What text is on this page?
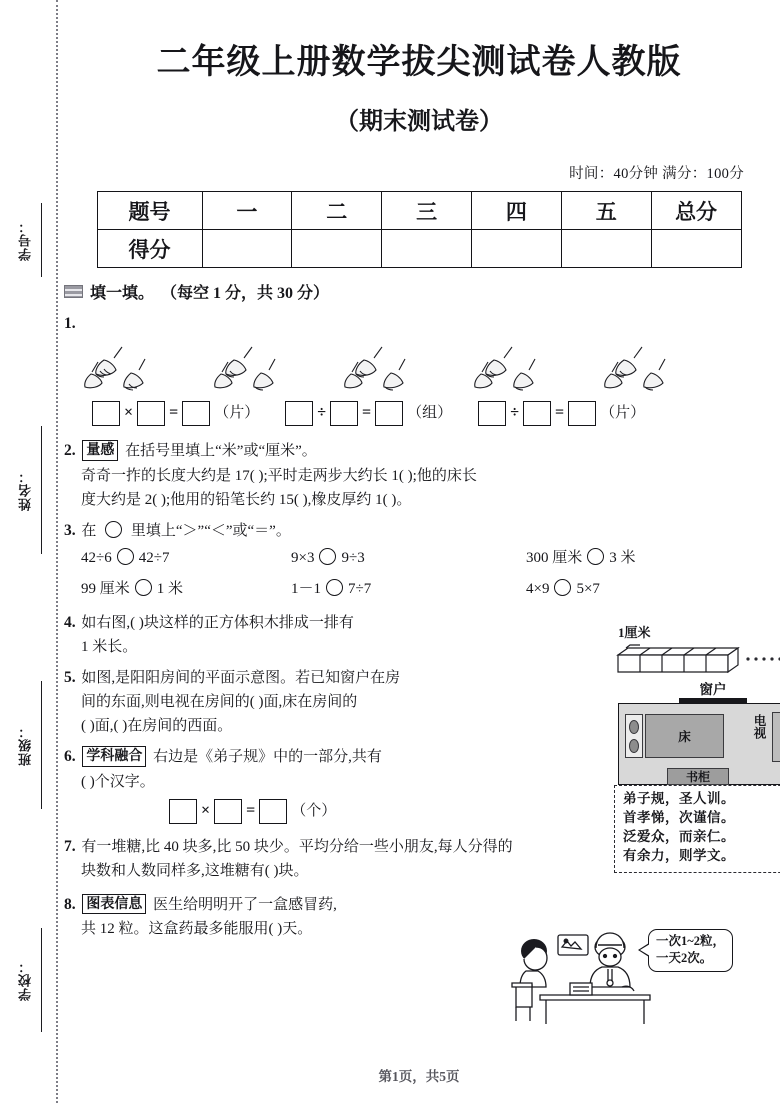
学号：
姓名：
班级：
学校：
二年级上册数学拔尖测试卷人教版
（期末测试卷）
时间：40分钟 满分：100分
题号	一	二	三	四	五	总分
得分						
填一填。 （每空 1 分，共 30 分）
1.
× = （片）	÷ = （组）	÷ = （片）
2. 量感 在括号里填上“米”或“厘米”。
奇奇一拃的长度大约是 17( );平时走两步大约长 1( );他的床长
度大约是 2( );他用的铅笔长约 15( ),橡皮厚约 1( )。
3. 在 里填上“＞”“＜”或“＝”。
42÷6 42÷7	9×3 9÷3	300 厘米 3 米
99 厘米 1 米	1－1 7÷7	4×9 5×7
4. 如右图,( )块这样的正方体积木排成一排有
1 米长。
5. 如图,是阳阳房间的平面示意图。若已知窗户在房
间的东面,则电视在房间的( )面,床在房间的
( )面,( )在房间的西面。
6. 学科融合 右边是《弟子规》中的一部分,共有
( )个汉字。
× = （个）
7. 有一堆糖,比 40 块多,比 50 块少。平均分给一些小朋友,每人分得的
块数和人数同样多,这堆糖有( )块。
8. 图表信息 医生给明明开了一盒感冒药,
共 12 粒。这盒药最多能服用( )天。
1厘米
窗户
床	电视
书柜
弟子规，圣人训。
首孝悌，次谨信。
泛爱众，而亲仁。
有余力，则学文。
一次1~2粒，
一天2次。
第1页，共5页
